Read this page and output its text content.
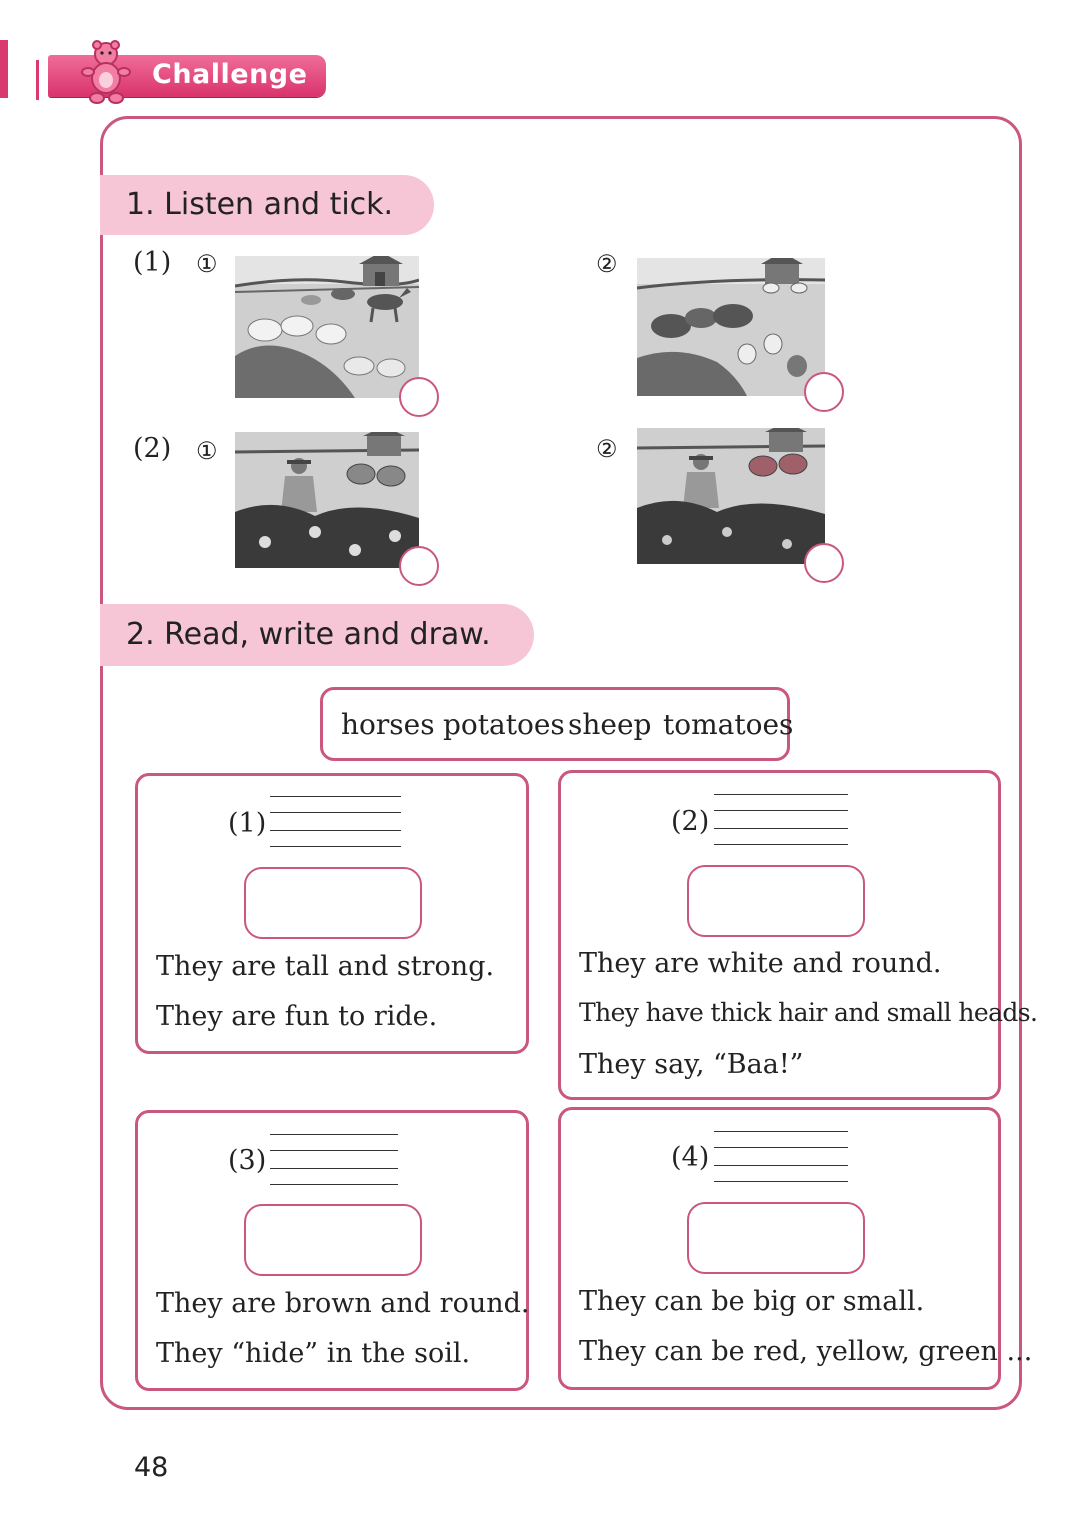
Challenge
1. Listen and tick.
(1) ①	②
(2) ①	②
2. Read, write and draw.
horses potatoes sheep tomatoes
(1)
They are tall and strong.
They are fun to ride.
(2)
They are white and round.
They have thick hair and small heads.
They say, “Baa!”
(3)
They are brown and round.
They “hide” in the soil.
(4)
They can be big or small.
They can be red, yellow, green ...
48
